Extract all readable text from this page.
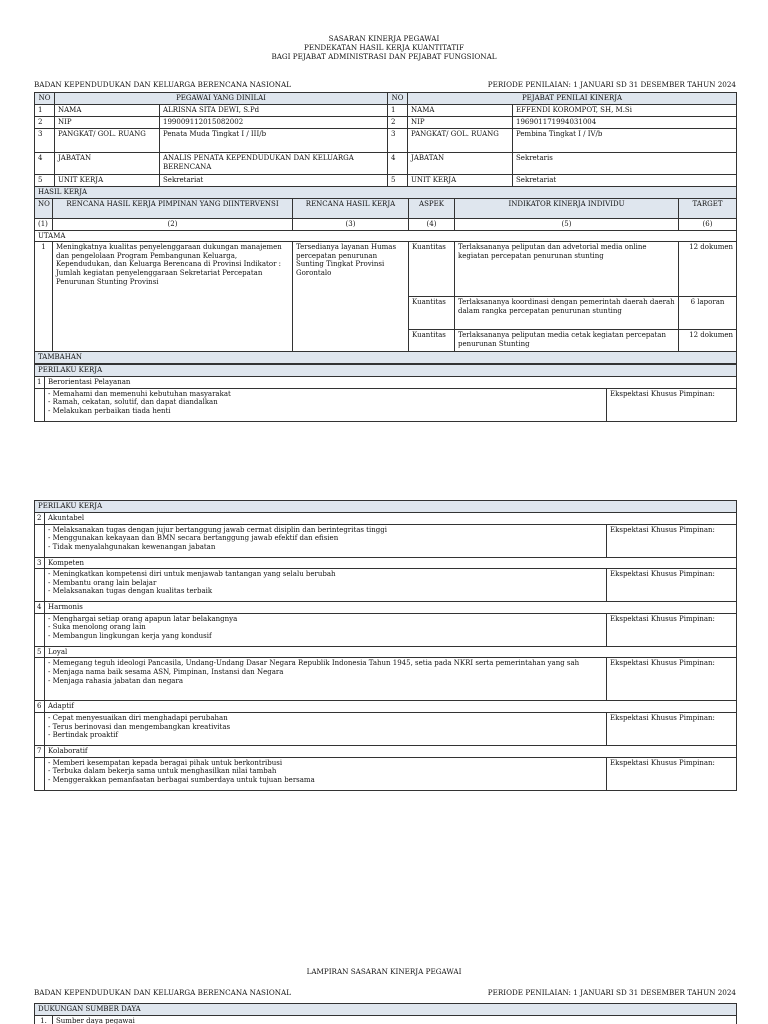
SASARAN KINERJA PEGAWAI
PENDEKATAN HASIL KERJA KUANTITATIF
BAGI PEJABAT ADMINISTRASI DAN PEJABAT FUNGSIONAL
BADAN KEPENDUDUKAN DAN KELUARGA BERENCANA NASIONAL	PERIODE PENILAIAN: 1 JANUARI SD 31 DESEMBER TAHUN 2024
NO	PEGAWAI YANG DINILAI		NO	PEJABAT PENILAI KINERJA	
1	NAMA	ALRISNA SITA DEWI, S.Pd	1	NAMA	EFFENDI KOROMPOT, SH, M.Si
2	NIP	199009112015082002	2	NIP	196901171994031004
3	PANGKAT/ GOL. RUANG	Penata Muda Tingkat I / III/b	3	PANGKAT/ GOL. RUANG	Pembina Tingkat I / IV/b
4	JABATAN	ANALIS PENATA KEPENDUDUKAN DAN KELUARGA BERENCANA	4	JABATAN	Sekretaris
5	UNIT KERJA	Sekretariat	5	UNIT KERJA	Sekretariat
HASIL KERJA					
NO	RENCANA HASIL KERJA PIMPINAN YANG DIINTERVENSI	RENCANA HASIL KERJA	ASPEK	INDIKATOR KINERJA INDIVIDU	TARGET
(1)	(2)	(3)	(4)	(5)	(6)
UTAMA					
1	Meningkatnya kualitas penyelenggaraan dukungan manajemen dan pengelolaan Program Pembangunan Keluarga, Kependudukan, dan Keluarga Berencana di Provinsi Indikator : Jumlah kegiatan penyelenggaraan Sekretariat Percepatan Penurunan Stunting Provinsi	Tersedianya layanan Humas percepatan penurunan Sunting Tingkat Provinsi Gorontalo	Kuantitas	Terlaksananya peliputan dan advetorial media online kegiatan percepatan penurunan stunting	12 dokumen
			Kuantitas	Terlaksananya koordinasi dengan pemerintah daerah daerah dalam rangka percepatan penurunan stunting	6 laporan
			Kuantitas	Terlaksananya peliputan media cetak kegiatan percepatan penurunan Stunting	12 dokumen
TAMBAHAN					
PERILAKU KERJA		
1	Berorientasi Pelayanan	

	- Memahami dan memenuhi kebutuhan masyarakat
- Ramah, cekatan, solutif, dan dapat diandalkan
- Melakukan perbaikan tiada henti	Ekspektasi Khusus Pimpinan:
PERILAKU KERJA		
2	Akuntabel	

	- Melaksanakan tugas dengan jujur bertanggung jawab cermat disiplin dan berintegritas tinggi
- Menggunakan kekayaan dan BMN secara bertanggung jawab efektif dan efisien
- Tidak menyalahgunakan kewenangan jabatan	Ekspektasi Khusus Pimpinan:
3	Kompeten	

	- Meningkatkan kompetensi diri untuk menjawab tantangan yang selalu berubah
- Membantu orang lain belajar
- Melaksanakan tugas dengan kualitas terbaik	Ekspektasi Khusus Pimpinan:
4	Harmonis	

	- Menghargai setiap orang apapun latar belakangnya
- Suka menolong orang lain
- Membangun lingkungan kerja yang kondusif	Ekspektasi Khusus Pimpinan:
5	Loyal	

	- Memegang teguh ideologi Pancasila, Undang-Undang Dasar Negara Republik Indonesia Tahun 1945, setia pada NKRI serta pemerintahan yang sah
- Menjaga nama baik sesama ASN, Pimpinan, Instansi dan Negara
- Menjaga rahasia jabatan dan negara	Ekspektasi Khusus Pimpinan:
6	Adaptif	

	- Cepat menyesuaikan diri menghadapi perubahan
- Terus berinovasi dan mengembangkan kreativitas
- Bertindak proaktif	Ekspektasi Khusus Pimpinan:
7	Kolaboratif	

	- Memberi kesempatan kepada beragai pihak untuk berkontribusi
- Terbuka dalam bekerja sama untuk menghasilkan nilai tambah
- Menggerakkan pemanfaatan berbagai sumberdaya untuk tujuan bersama	Ekspektasi Khusus Pimpinan:
LAMPIRAN SASARAN KINERJA PEGAWAI
BADAN KEPENDUDUKAN DAN KELUARGA BERENCANA NASIONAL	PERIODE PENILAIAN: 1 JANUARI SD 31 DESEMBER TAHUN 2024
DUKUNGAN SUMBER DAYA
1.	Sumber daya pegawai
